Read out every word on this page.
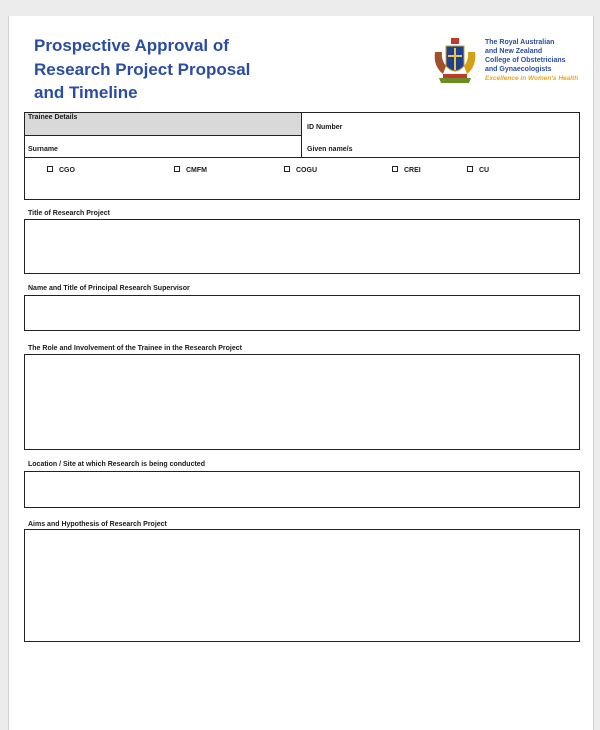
Prospective Approval of
Research Project Proposal
and Timeline
The Royal Australian
and New Zealand
College of Obstetricians
and Gynaecologists
Excellence in Women's Health
Trainee Details
ID Number
Surname	Given name/s
CGO	CMFM	COGU	CREI	CU
Title of Research Project
Name and Title of Principal Research Supervisor
The Role and Involvement of the Trainee in the Research Project
Location / Site at which Research is being conducted
Aims and Hypothesis of Research Project
